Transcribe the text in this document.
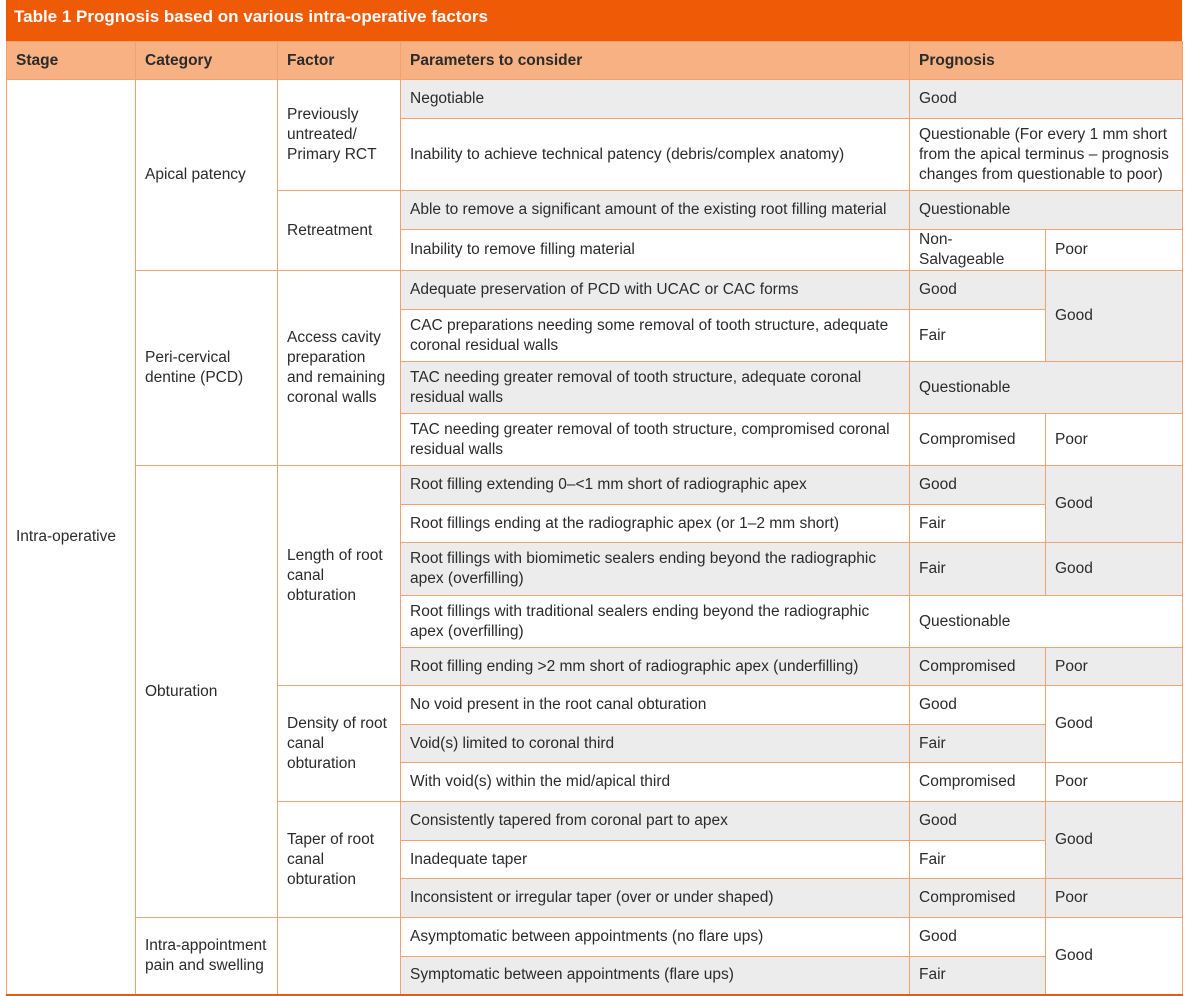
Table 1 Prognosis based on various intra-operative factors
Stage	Category	Factor	Parameters to consider	Prognosis	
Intra-operative	Apical patency	Previously untreated/ Primary RCT	Negotiable	Good	
			Inability to achieve technical patency (debris/complex anatomy)	Questionable (For every 1 mm short from the apical terminus – prognosis changes from questionable to poor)	
		Retreatment	Able to remove a significant amount of the existing root filling material	Questionable	
			Inability to remove filling material	Non-Salvageable	Poor
	Peri-cervical dentine (PCD)	Access cavity preparation and remaining coronal walls	Adequate preservation of PCD with UCAC or CAC forms	Good	Good
			CAC preparations needing some removal of tooth structure, adequate coronal residual walls	Fair	
			TAC needing greater removal of tooth structure, adequate coronal residual walls	Questionable	
			TAC needing greater removal of tooth structure, compromised coronal residual walls	Compromised	Poor
	Obturation	Length of root canal obturation	Root filling extending 0–<1 mm short of radiographic apex	Good	Good
			Root fillings ending at the radiographic apex (or 1–2 mm short)	Fair	
			Root fillings with biomimetic sealers ending beyond the radiographic apex (overfilling)	Fair	Good
			Root fillings with traditional sealers ending beyond the radiographic apex (overfilling)	Questionable	
			Root filling ending >2 mm short of radiographic apex (underfilling)	Compromised	Poor
		Density of root canal obturation	No void present in the root canal obturation	Good	Good
			Void(s) limited to coronal third	Fair	
			With void(s) within the mid/apical third	Compromised	Poor
		Taper of root canal obturation	Consistently tapered from coronal part to apex	Good	Good
			Inadequate taper	Fair	
			Inconsistent or irregular taper (over or under shaped)	Compromised	Poor
	Intra-appointment pain and swelling		Asymptomatic between appointments (no flare ups)	Good	Good
			Symptomatic between appointments (flare ups)	Fair	
